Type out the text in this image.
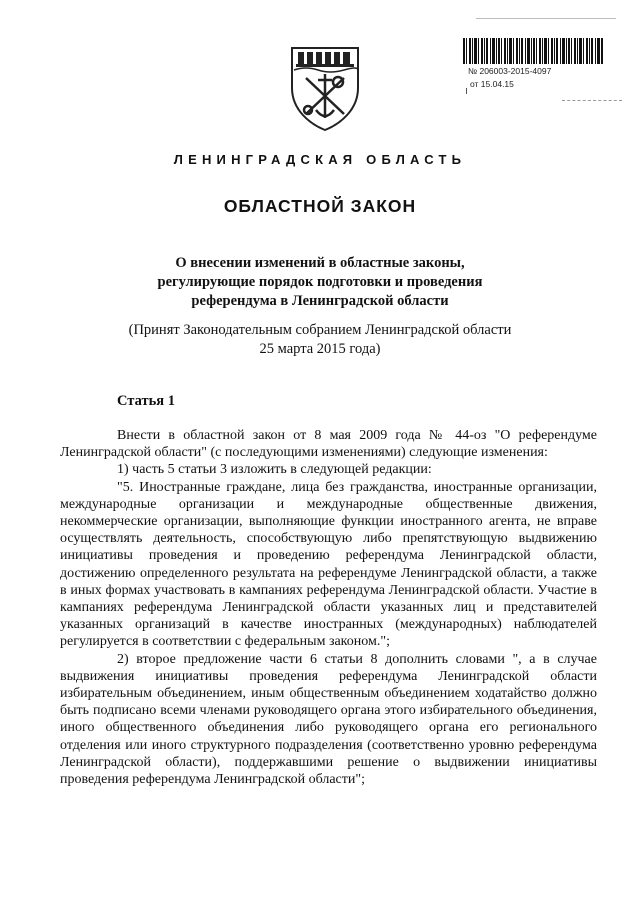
№ 206003-2015-4097
от 15.04.15
ЛЕНИНГРАДСКАЯ ОБЛАСТЬ
ОБЛАСТНОЙ ЗАКОН
О внесении изменений в областные законы,
регулирующие порядок подготовки и проведения
референдума в Ленинградской области
(Принят Законодательным собранием Ленинградской области
25 марта 2015 года)
Статья 1

Внести в областной закон от 8 мая 2009 года № 44-оз "О референдуме Ленинградской области" (с последующими изменениями) следующие изменения:

1) часть 5 статьи 3 изложить в следующей редакции:

"5. Иностранные граждане, лица без гражданства, иностранные организации, международные организации и международные общественные движения, некоммерческие организации, выполняющие функции иностранного агента, не вправе осуществлять деятельность, способствующую либо препятствующую выдвижению инициативы проведения и проведению референдума Ленинградской области, достижению определенного результата на референдуме Ленинградской области, а также в иных формах участвовать в кампаниях референдума Ленинградской области. Участие в кампаниях референдума Ленинградской области указанных лиц и представителей указанных организаций в качестве иностранных (международных) наблюдателей регулируется в соответствии с федеральным законом.";

2) второе предложение части 6 статьи 8 дополнить словами ", а в случае выдвижения инициативы проведения референдума Ленинградской области избирательным объединением, иным общественным объединением ходатайство должно быть подписано всеми членами руководящего органа этого избирательного объединения, иного общественного объединения либо руководящего органа его регионального отделения или иного структурного подразделения (соответственно уровню референдума Ленинградской области), поддержавшими решение о выдвижении инициативы проведения референдума Ленинградской области";
